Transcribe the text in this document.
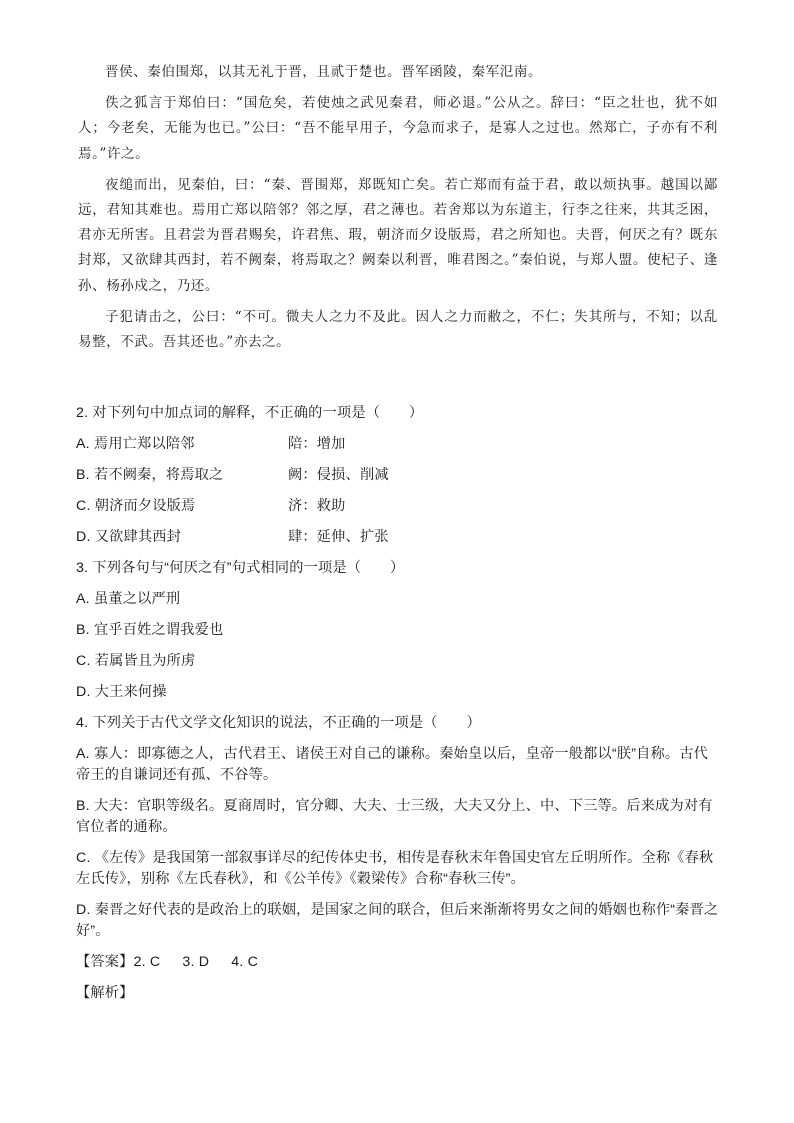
晋侯、秦伯围郑，以其无礼于晋，且贰于楚也。晋军函陵，秦军氾南。

佚之狐言于郑伯曰：“国危矣，若使烛之武见秦君，师必退。”公从之。辞曰：“臣之壮也，犹不如人；今老矣，无能为也已。”公曰：“吾不能早用子，今急而求子，是寡人之过也。然郑亡，子亦有不利焉。”许之。

夜缒而出，见秦伯，曰：“秦、晋围郑，郑既知亡矣。若亡郑而有益于君，敢以烦执事。越国以鄙远，君知其难也。焉用亡郑以陪邻？邻之厚，君之薄也。若舍郑以为东道主，行李之往来，共其乏困，君亦无所害。且君尝为晋君赐矣，许君焦、瑕，朝济而夕设版焉，君之所知也。夫晋，何厌之有？既东封郑，又欲肆其西封，若不阙秦，将焉取之？阙秦以利晋，唯君图之。”秦伯说，与郑人盟。使杞子、逢孙、杨孙戍之，乃还。

子犯请击之，公曰：“不可。微夫人之力不及此。因人之力而敝之，不仁；失其所与，不知；以乱易整，不武。吾其还也。”亦去之。

2. 对下列句中加点词的解释，不正确的一项是（　　）
A. 焉用亡郑以陪邻	陪：增加
B. 若不阙秦，将焉取之	阙：侵损、削减
C. 朝济而夕设版焉	济：救助
D. 又欲肆其西封	肆：延伸、扩张
3. 下列各句与“何厌之有”句式相同的一项是（　　）
A. 虽董之以严刑
B. 宜乎百姓之谓我爱也
C. 若属皆且为所虏
D. 大王来何操
4. 下列关于古代文学文化知识的说法，不正确的一项是（　　）
A. 寡人：即寡德之人，古代君王、诸侯王对自己的谦称。秦始皇以后，皇帝一般都以“朕”自称。古代帝王的自谦词还有孤、不谷等。
B. 大夫：官职等级名。夏商周时，官分卿、大夫、士三级，大夫又分上、中、下三等。后来成为对有官位者的通称。
C. 《左传》是我国第一部叙事详尽的纪传体史书，相传是春秋末年鲁国史官左丘明所作。全称《春秋左氏传》，别称《左氏春秋》，和《公羊传》《穀梁传》合称“春秋三传”。
D. 秦晋之好代表的是政治上的联姻，是国家之间的联合，但后来渐渐将男女之间的婚姻也称作“秦晋之好”。
【答案】2. C 3. D 4. C
【解析】
